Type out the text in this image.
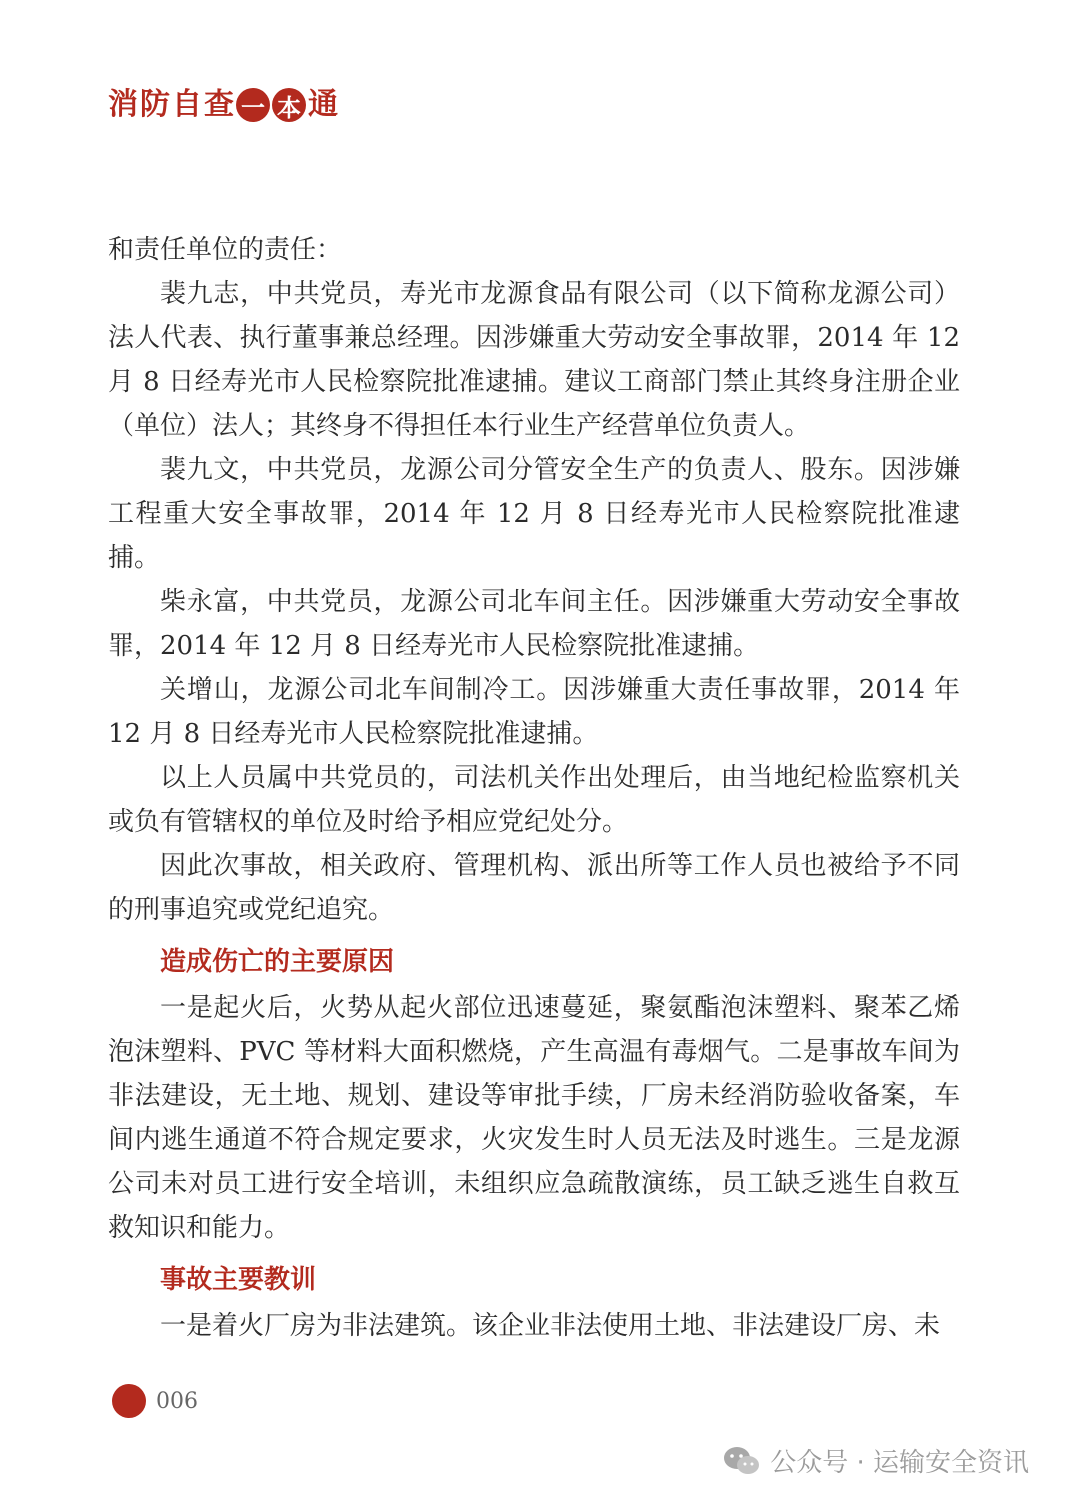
消 防 自 查 一 本 通

和责任单位的责任：

裴九志，中共党员，寿光市龙源食品有限公司（以下简称龙源公司）法人代表、执行董事兼总经理。因涉嫌重大劳动安全事故罪，2014 年 12 月 8 日经寿光市人民检察院批准逮捕。建议工商部门禁止其终身注册企业（单位）法人；其终身不得担任本行业生产经营单位负责人。

裴九文，中共党员，龙源公司分管安全生产的负责人、股东。因涉嫌工程重大安全事故罪，2014 年 12 月 8 日经寿光市人民检察院批准逮捕。

柴永富，中共党员，龙源公司北车间主任。因涉嫌重大劳动安全事故罪，2014 年 12 月 8 日经寿光市人民检察院批准逮捕。

关增山，龙源公司北车间制冷工。因涉嫌重大责任事故罪，2014 年 12 月 8 日经寿光市人民检察院批准逮捕。

以上人员属中共党员的，司法机关作出处理后，由当地纪检监察机关或负有管辖权的单位及时给予相应党纪处分。

因此次事故，相关政府、管理机构、派出所等工作人员也被给予不同的刑事追究或党纪追究。

造成伤亡的主要原因

一是起火后，火势从起火部位迅速蔓延，聚氨酯泡沫塑料、聚苯乙烯泡沫塑料、PVC 等材料大面积燃烧，产生高温有毒烟气。二是事故车间为非法建设，无土地、规划、建设等审批手续，厂房未经消防验收备案，车间内逃生通道不符合规定要求，火灾发生时人员无法及时逃生。三是龙源公司未对员工进行安全培训，未组织应急疏散演练，员工缺乏逃生自救互救知识和能力。

事故主要教训

一是着火厂房为非法建筑。该企业非法使用土地、非法建设厂房、未

006
公众号 · 运输安全资讯
